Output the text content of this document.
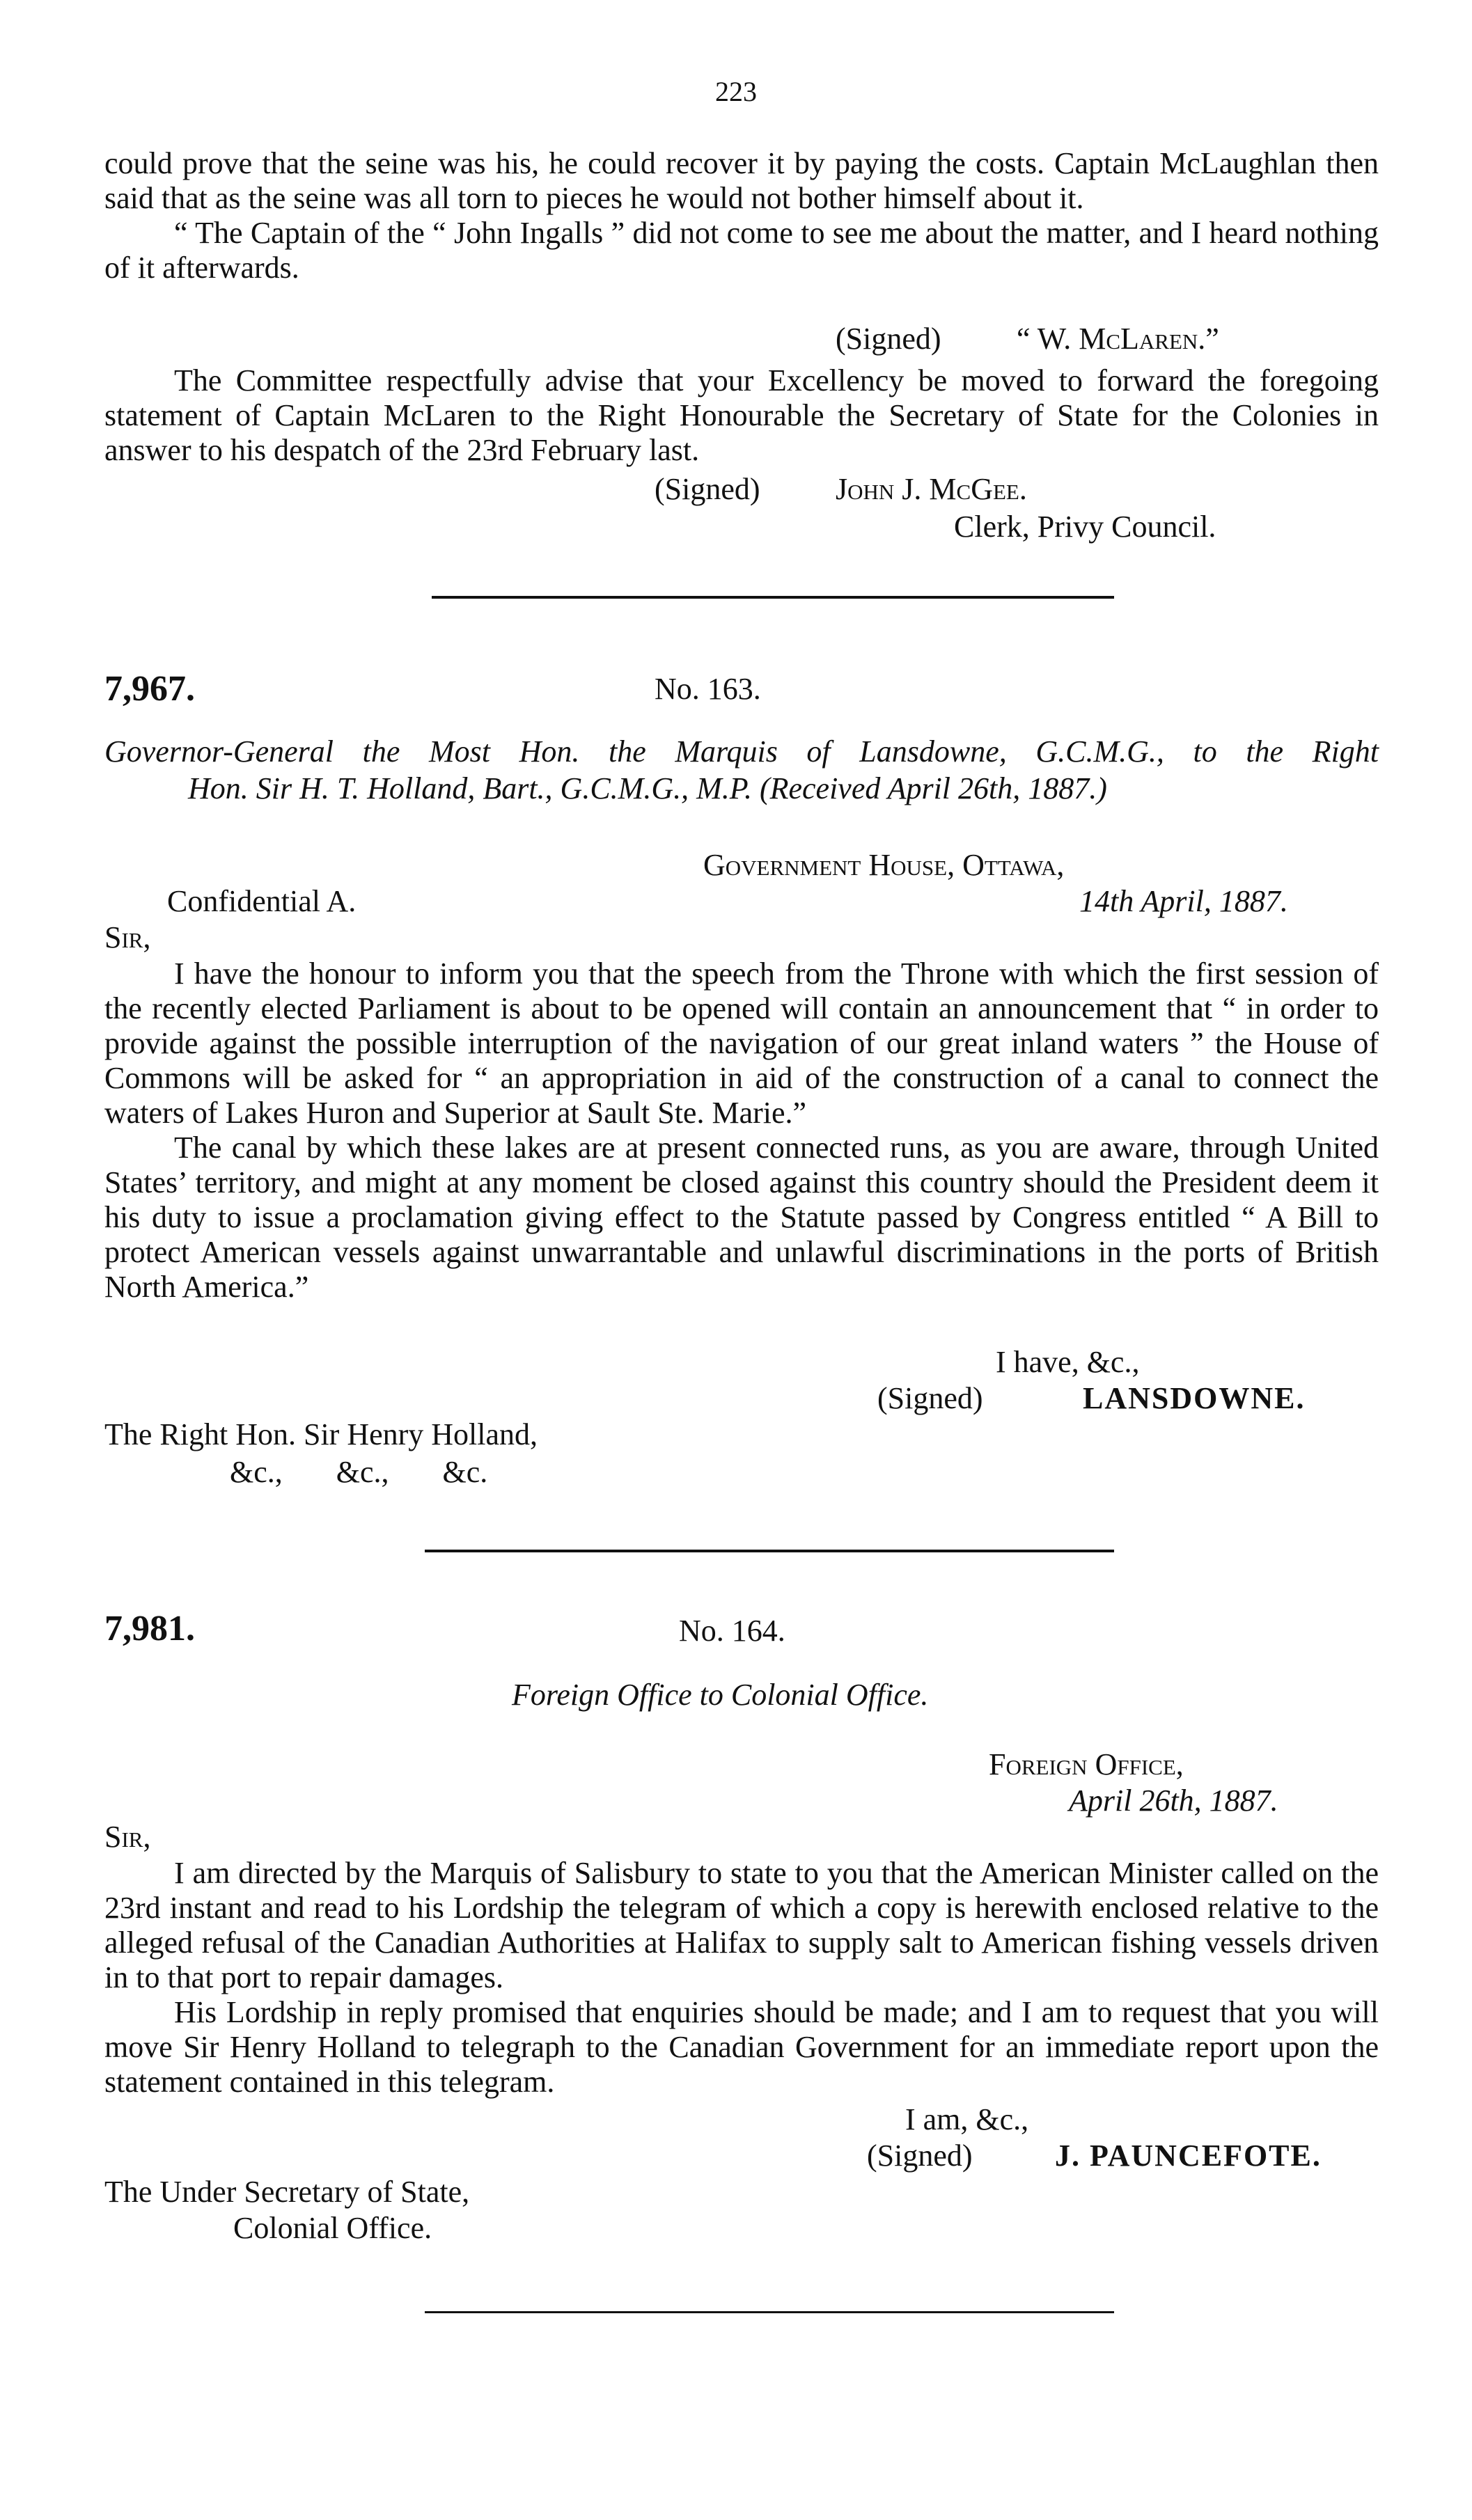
223

could prove that the seine was his, he could recover it by paying the costs. Captain McLaughlan then said that as the seine was all torn to pieces he would not bother himself about it.

“ The Captain of the “ John Ingalls ” did not come to see me about the matter, and I heard nothing of it afterwards.

(Signed) “ W. McLaren.”

The Committee respectfully advise that your Excellency be moved to forward the foregoing statement of Captain McLaren to the Right Honourable the Secretary of State for the Colonies in answer to his despatch of the 23rd February last.

(Signed) John J. McGee.
Clerk, Privy Council.
7,967.	No. 163.
Governor-General the Most Hon. the Marquis of Lansdowne, G.C.M.G., to the Right
Hon. Sir H. T. Holland, Bart., G.C.M.G., M.P. (Received April 26th, 1887.)
Government House, Ottawa,
Confidential A.	14th April, 1887.
Sir,

I have the honour to inform you that the speech from the Throne with which the first session of the recently elected Parliament is about to be opened will contain an announcement that “ in order to provide against the possible interruption of the navigation of our great inland waters ” the House of Commons will be asked for “ an appropriation in aid of the construction of a canal to connect the waters of Lakes Huron and Superior at Sault Ste. Marie.”

The canal by which these lakes are at present connected runs, as you are aware, through United States’ territory, and might at any moment be closed against this country should the President deem it his duty to issue a proclamation giving effect to the Statute passed by Congress entitled “ A Bill to protect American vessels against unwarrantable and unlawful discriminations in the ports of British North America.”

I have, &c.,
(Signed)	LANSDOWNE.
The Right Hon. Sir Henry Holland,
&c.,       &c.,       &c.
7,981.	No. 164.
Foreign Office to Colonial Office.
Foreign Office,
April 26th, 1887.
Sir,

I am directed by the Marquis of Salisbury to state to you that the American Minister called on the 23rd instant and read to his Lordship the telegram of which a copy is herewith enclosed relative to the alleged refusal of the Canadian Authorities at Halifax to supply salt to American fishing vessels driven in to that port to repair damages.

His Lordship in reply promised that enquiries should be made; and I am to request that you will move Sir Henry Holland to telegraph to the Canadian Government for an immediate report upon the statement contained in this telegram.

I am, &c.,
(Signed)	J. PAUNCEFOTE.
The Under Secretary of State,
Colonial Office.
